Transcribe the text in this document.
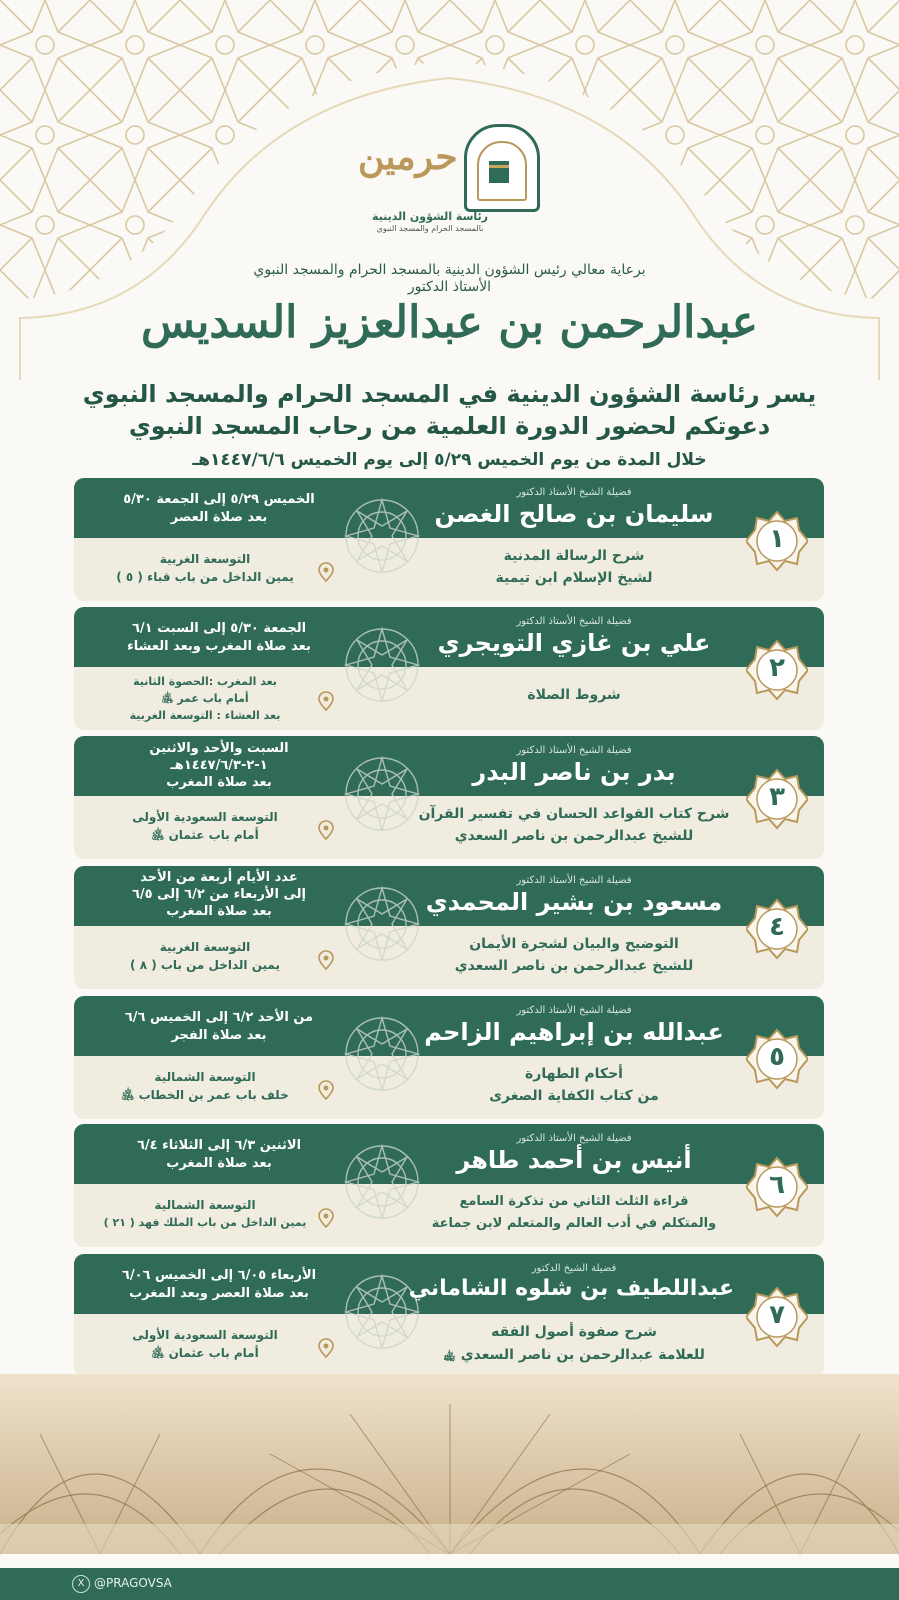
حرمين
رئاسة الشؤون الدينية
بالمسجد الحرام والمسجد النبوي
برعاية معالي رئيس الشؤون الدينية بالمسجد الحرام والمسجد النبوي
الأستاذ الدكتور
عبدالرحمن بن عبدالعزيز السديس
يسر رئاسة الشؤون الدينية في المسجد الحرام والمسجد النبوي
دعوتكم لحضور الدورة العلمية من رحاب المسجد النبوي
خلال المدة من يوم الخميس ٥/٢٩ إلى يوم الخميس ١٤٤٧/٦/٦هـ
١
فضيلة الشيخ الأستاذ الدكتور
سليمان بن صالح الغصن
الخميس ٥/٢٩ إلى الجمعة ٥/٣٠
بعد صلاة العصر
التوسعة الغربية
يمين الداخل من باب قباء ( ٥ )
شرح الرسالة المدنية
لشيخ الإسلام ابن تيمية
٢
فضيلة الشيخ الأستاذ الدكتور
علي بن غازي التويجري
الجمعة ٥/٣٠ إلى السبت ٦/١
بعد صلاة المغرب وبعد العشاء
بعد المغرب :الحصوة الثانية
أمام باب عمر ﵁
بعد العشاء : التوسعة الغربية
شروط الصلاة
٣
فضيلة الشيخ الأستاذ الدكتور
بدر بن ناصر البدر
السبت والأحد والاثنين
١-٢-١٤٤٧/٦/٣هـ
بعد صلاة المغرب
التوسعة السعودية الأولى
أمام باب عثمان ﵁
شرح كتاب القواعد الحسان في تفسير القرآن
للشيخ عبدالرحمن بن ناصر السعدي
٤
فضيلة الشيخ الأستاذ الدكتور
مسعود بن بشير المحمدي
عدد الأيام أربعة من الأحد
إلى الأربعاء من ٦/٢ إلى ٦/٥
بعد صلاة المغرب
التوسعة الغربية
يمين الداخل من باب ( ٨ )
التوضيح والبيان لشجرة الأيمان
للشيخ عبدالرحمن بن ناصر السعدي
٥
فضيلة الشيخ الأستاذ الدكتور
عبدالله بن إبراهيم الزاحم
من الأحد ٦/٢ إلى الخميس ٦/٦
بعد صلاة الفجر
التوسعة الشمالية
خلف باب عمر بن الخطاب ﵁
أحكام الطهارة
من كتاب الكفاية الصغرى
٦
فضيلة الشيخ الأستاذ الدكتور
أنيس بن أحمد طاهر
الاثنين ٦/٣ إلى الثلاثاء ٦/٤
بعد صلاة المغرب
التوسعة الشمالية
يمين الداخل من باب الملك فهد ( ٢١ )
قراءة الثلث الثاني من تذكرة السامع
والمتكلم في أدب العالم والمتعلم لابن جماعة
٧
فضيلة الشيخ الدكتور
عبداللطيف بن شلوه الشاماني
الأربعاء ٦/٠٥ إلى الخميس ٦/٠٦
بعد صلاة العصر وبعد المغرب
التوسعة السعودية الأولى
أمام باب عثمان ﵁
شرح صفوة أصول الفقه
للعلامة عبدالرحمن بن ناصر السعدي ﵀
X @PRAGOVSA
